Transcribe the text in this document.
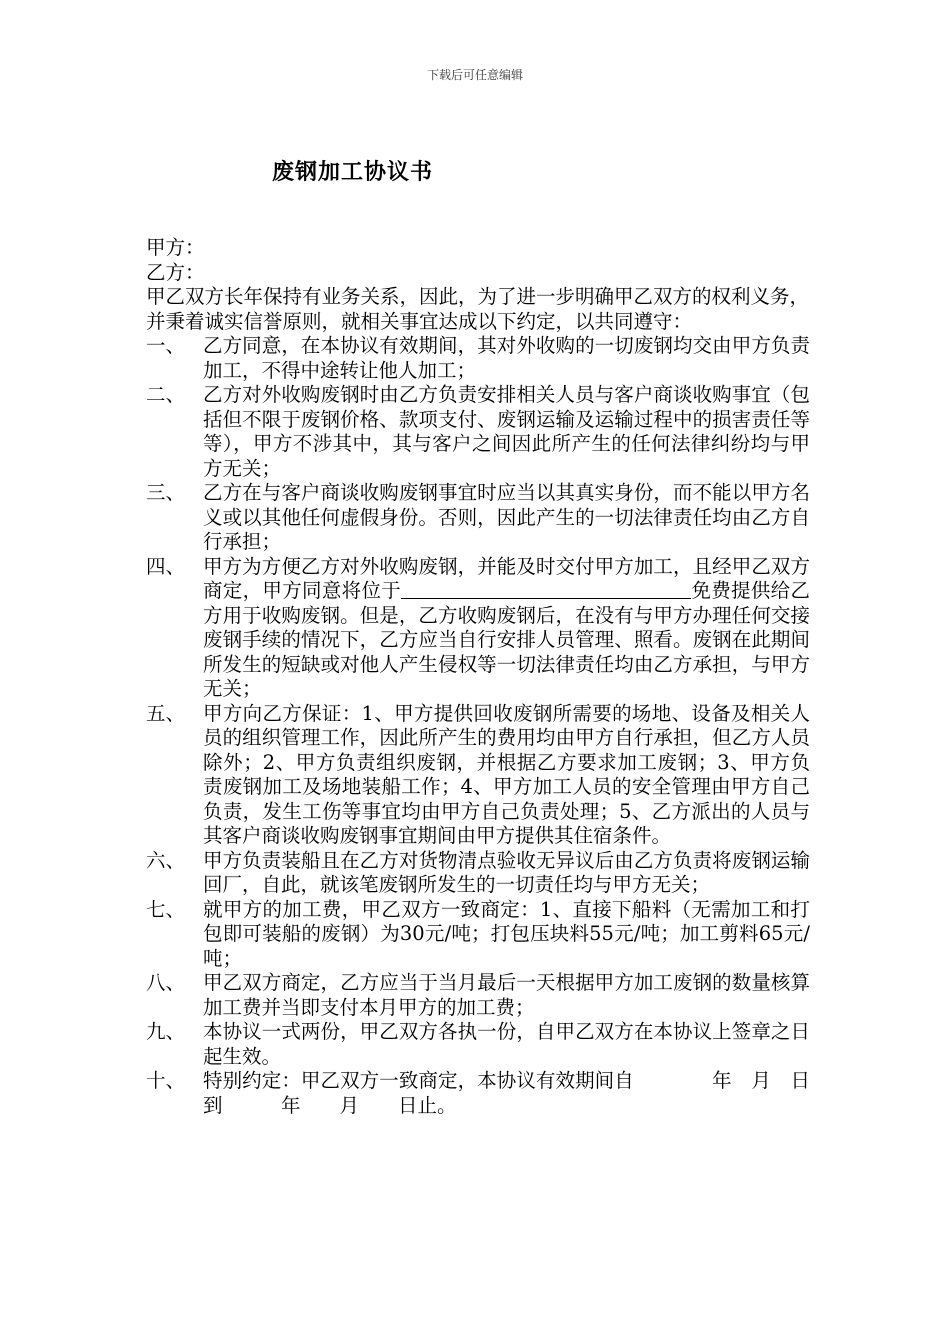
下载后可任意编辑
废钢加工协议书

甲方：

乙方：

甲乙双方长年保持有业务关系，因此，为了进一步明确甲乙双方的权利义务，并秉着诚实信誉原则，就相关事宜达成以下约定，以共同遵守：

一、 乙方同意，在本协议有效期间，其对外收购的一切废钢均交由甲方负责加工，不得中途转让他人加工；
二、 乙方对外收购废钢时由乙方负责安排相关人员与客户商谈收购事宜（包括但不限于废钢价格、款项支付、废钢运输及运输过程中的损害责任等等），甲方不涉其中，其与客户之间因此所产生的任何法律纠纷均与甲方无关；
三、 乙方在与客户商谈收购废钢事宜时应当以其真实身份，而不能以甲方名义或以其他任何虚假身份。否则，因此产生的一切法律责任均由乙方自行承担；
四、 甲方为方便乙方对外收购废钢，并能及时交付甲方加工，且经甲乙双方商定，甲方同意将位于	免费提供给乙方用于收购废钢。但是，乙方收购废钢后，在没有与甲方办理任何交接废钢手续的情况下，乙方应当自行安排人员管理、照看。废钢在此期间所发生的短缺或对他人产生侵权等一切法律责任均由乙方承担，与甲方无关；
五、 甲方向乙方保证：1、甲方提供回收废钢所需要的场地、设备及相关人员的组织管理工作，因此所产生的费用均由甲方自行承担，但乙方人员除外；2、甲方负责组织废钢，并根据乙方要求加工废钢；3、甲方负责废钢加工及场地装船工作；4、甲方加工人员的安全管理由甲方自己负责，发生工伤等事宜均由甲方自己负责处理；5、乙方派出的人员与其客户商谈收购废钢事宜期间由甲方提供其住宿条件。
六、 甲方负责装船且在乙方对货物清点验收无异议后由乙方负责将废钢运输回厂，自此，就该笔废钢所发生的一切责任均与甲方无关；
七、 就甲方的加工费，甲乙双方一致商定：1、直接下船料（无需加工和打包即可装船的废钢）为30元/吨；打包压块料55元/吨；加工剪料65元/吨；
八、 甲乙双方商定，乙方应当于当月最后一天根据甲方加工废钢的数量核算加工费并当即支付本月甲方的加工费；
九、 本协议一式两份，甲乙双方各执一份，自甲乙双方在本协议上签章之日起生效。
十、 特别约定：甲乙双方一致商定，本协议有效期间自　　　　年　月　日到　　　年　　月　　日止。
